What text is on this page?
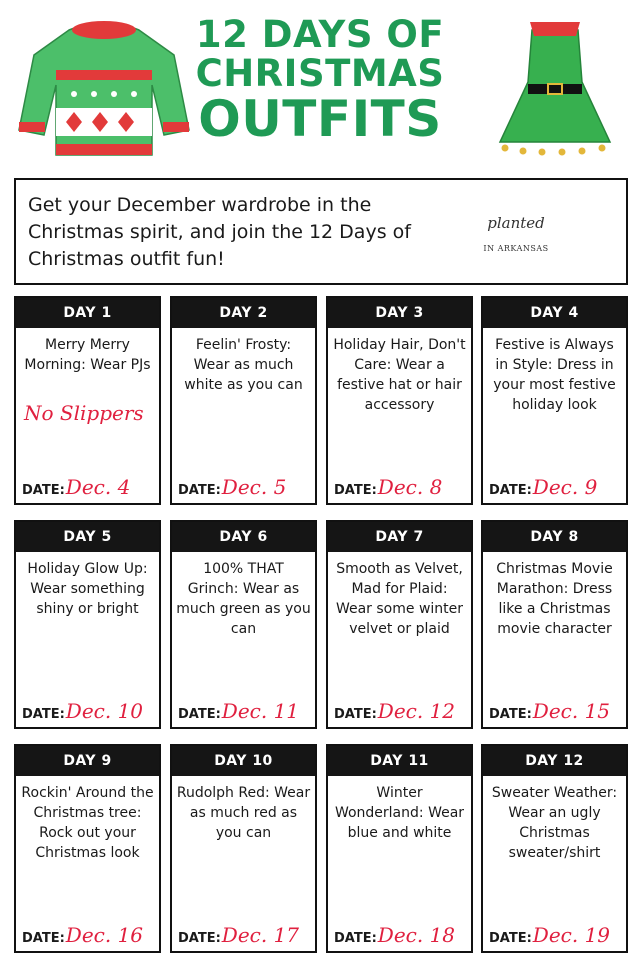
12 DAYS OF
CHRISTMAS
OUTFITS
Get your December wardrobe in the Christmas spirit, and join the 12 Days of Christmas outfit fun!
planted
IN ARKANSAS
DAY 1
Merry Merry Morning: Wear PJs
No Slippers
DATE:Dec. 4
DAY 2
Feelin' Frosty: Wear as much white as you can
DATE:Dec. 5
DAY 3
Holiday Hair, Don't Care: Wear a festive hat or hair accessory
DATE:Dec. 8
DAY 4
Festive is Always in Style: Dress in your most festive holiday look
DATE:Dec. 9
DAY 5
Holiday Glow Up: Wear something shiny or bright
DATE:Dec. 10
DAY 6
100% THAT Grinch: Wear as much green as you can
DATE:Dec. 11
DAY 7
Smooth as Velvet, Mad for Plaid: Wear some winter velvet or plaid
DATE:Dec. 12
DAY 8
Christmas Movie Marathon: Dress like a Christmas movie character
DATE:Dec. 15
DAY 9
Rockin' Around the Christmas tree: Rock out your Christmas look
DATE:Dec. 16
DAY 10
Rudolph Red: Wear as much red as you can
DATE:Dec. 17
DAY 11
Winter Wonderland: Wear blue and white
DATE:Dec. 18
DAY 12
Sweater Weather: Wear an ugly Christmas sweater/shirt
DATE:Dec. 19
